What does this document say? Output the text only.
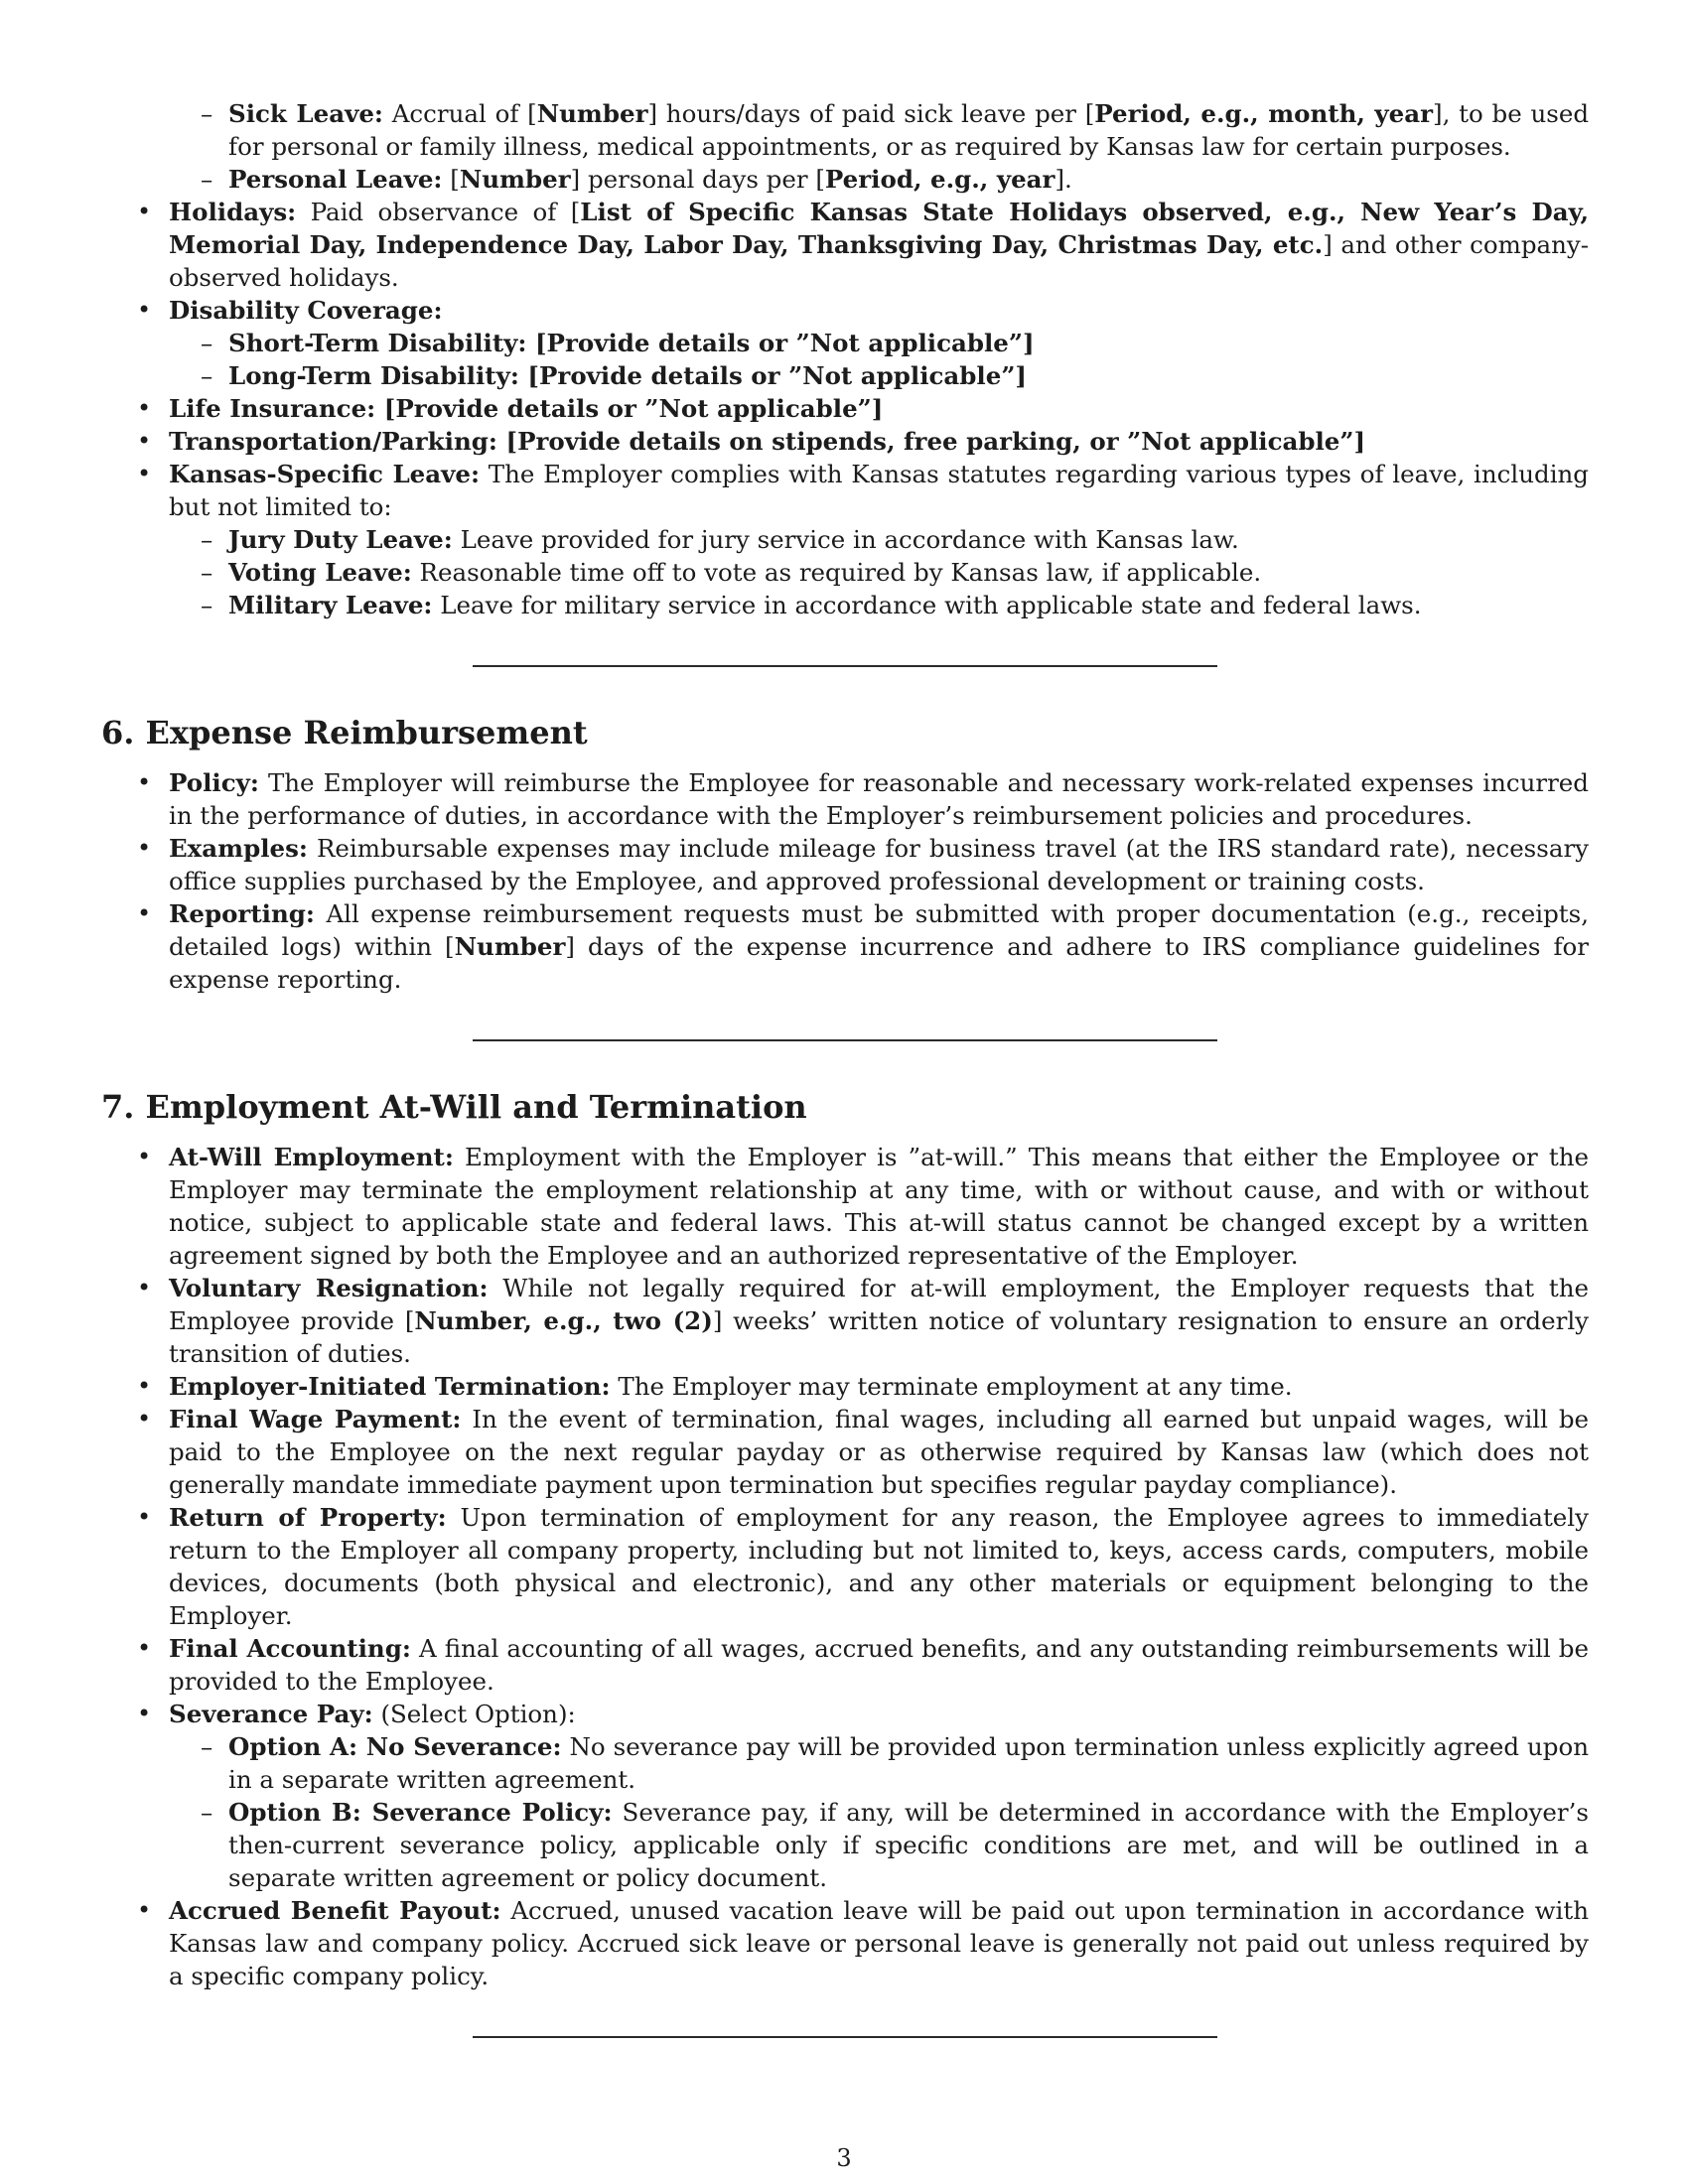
– Sick Leave: Accrual of [Number] hours/days of paid sick leave per [Period, e.g., month, year], to be used for personal or family illness, medical appointments, or as required by Kansas law for certain purposes.
– Personal Leave: [Number] personal days per [Period, e.g., year].
• Holidays: Paid observance of [List of Specific Kansas State Holidays observed, e.g., New Year’s Day, Memorial Day, Independence Day, Labor Day, Thanksgiving Day, Christmas Day, etc.] and other company-observed holidays.
• Disability Coverage:
– Short-Term Disability: [Provide details or ”Not applicable”]
– Long-Term Disability: [Provide details or ”Not applicable”]
• Life Insurance: [Provide details or ”Not applicable”]
• Transportation/Parking: [Provide details on stipends, free parking, or ”Not applicable”]
• Kansas-Specific Leave: The Employer complies with Kansas statutes regarding various types of leave, including but not limited to:
– Jury Duty Leave: Leave provided for jury service in accordance with Kansas law.
– Voting Leave: Reasonable time off to vote as required by Kansas law, if applicable.
– Military Leave: Leave for military service in accordance with applicable state and federal laws.
6. Expense Reimbursement
• Policy: The Employer will reimburse the Employee for reasonable and necessary work-related expenses incurred in the performance of duties, in accordance with the Employer’s reimbursement policies and procedures.
• Examples: Reimbursable expenses may include mileage for business travel (at the IRS standard rate), necessary office supplies purchased by the Employee, and approved professional development or training costs.
• Reporting: All expense reimbursement requests must be submitted with proper documentation (e.g., receipts, detailed logs) within [Number] days of the expense incurrence and adhere to IRS compliance guidelines for expense reporting.
7. Employment At-Will and Termination
• At-Will Employment: Employment with the Employer is ”at-will.” This means that either the Employee or the Employer may terminate the employment relationship at any time, with or without cause, and with or without notice, subject to applicable state and federal laws. This at-will status cannot be changed except by a written agreement signed by both the Employee and an authorized representative of the Employer.
• Voluntary Resignation: While not legally required for at-will employment, the Employer requests that the Employee provide [Number, e.g., two (2)] weeks’ written notice of voluntary resignation to ensure an orderly transition of duties.
• Employer-Initiated Termination: The Employer may terminate employment at any time.
• Final Wage Payment: In the event of termination, final wages, including all earned but unpaid wages, will be paid to the Employee on the next regular payday or as otherwise required by Kansas law (which does not generally mandate immediate payment upon termination but specifies regular payday compliance).
• Return of Property: Upon termination of employment for any reason, the Employee agrees to immediately return to the Employer all company property, including but not limited to, keys, access cards, computers, mobile devices, documents (both physical and electronic), and any other materials or equipment belonging to the Employer.
• Final Accounting: A final accounting of all wages, accrued benefits, and any outstanding reimbursements will be provided to the Employee.
• Severance Pay: (Select Option):
– Option A: No Severance: No severance pay will be provided upon termination unless explicitly agreed upon in a separate written agreement.
– Option B: Severance Policy: Severance pay, if any, will be determined in accordance with the Employer’s then-current severance policy, applicable only if specific conditions are met, and will be outlined in a separate written agreement or policy document.
• Accrued Benefit Payout: Accrued, unused vacation leave will be paid out upon termination in accordance with Kansas law and company policy. Accrued sick leave or personal leave is generally not paid out unless required by a specific company policy.
3
